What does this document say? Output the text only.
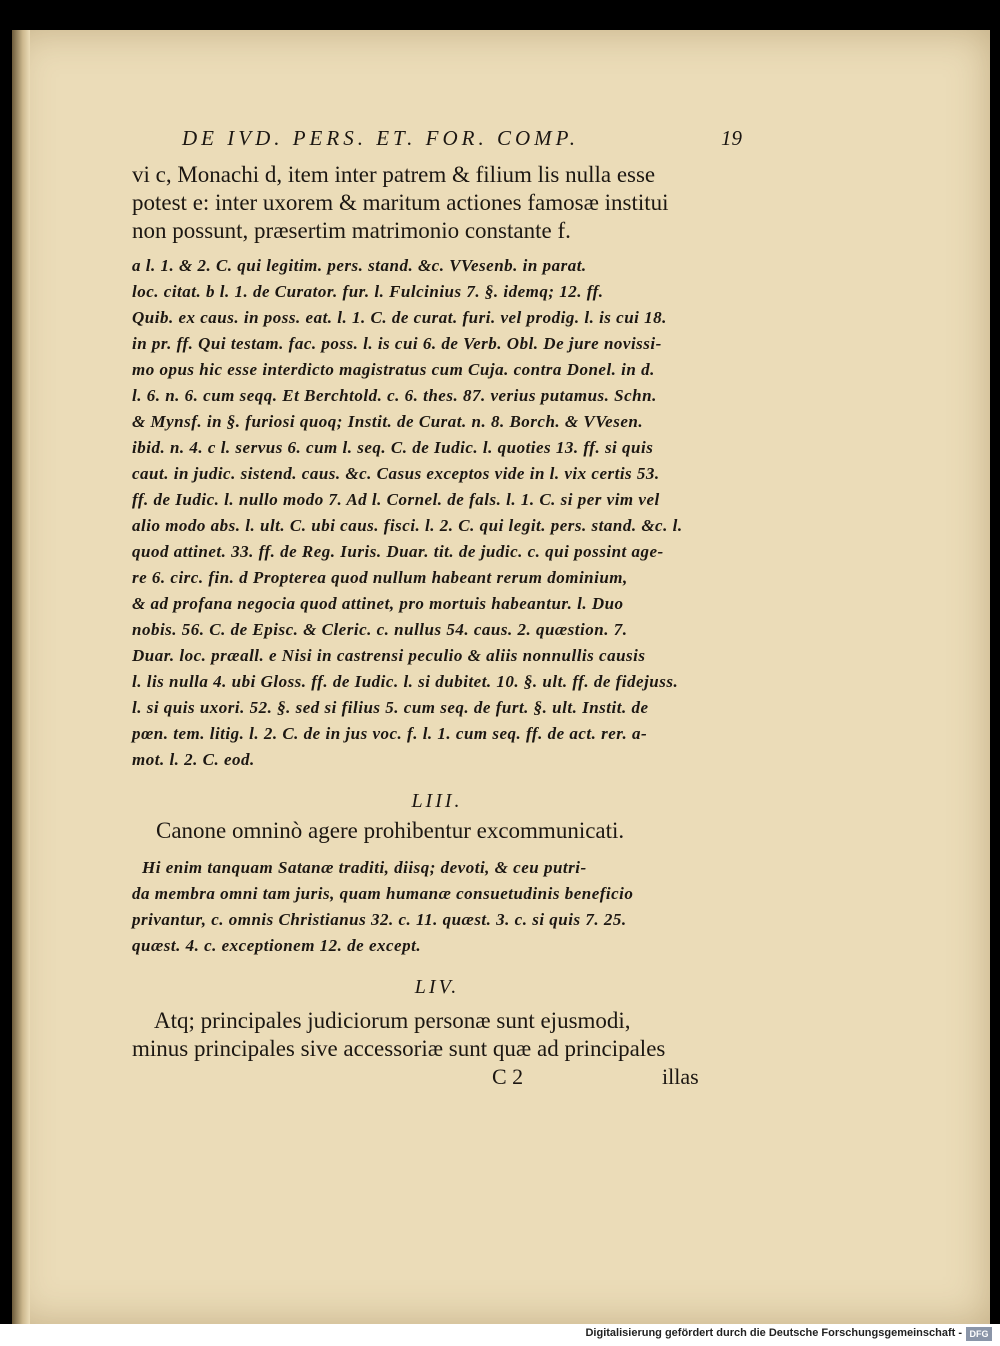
DE IVD. PERS. ET. FOR. COMP.	19
vi c, Monachi d, item inter patrem & filium lis nulla esse
potest e: inter uxorem & maritum actiones famosæ institui
non possunt, præsertim matrimonio constante f.
a l. 1. & 2. C. qui legitim. pers. stand. &c. VVesenb. in parat.
loc. citat. b l. 1. de Curator. fur. l. Fulcinius 7. §. idemq; 12. ff.
Quib. ex caus. in poss. eat. l. 1. C. de curat. furi. vel prodig. l. is cui 18.
in pr. ff. Qui testam. fac. poss. l. is cui 6. de Verb. Obl. De jure novissi-
mo opus hic esse interdicto magistratus cum Cuja. contra Donel. in d.
l. 6. n. 6. cum seqq. Et Berchtold. c. 6. thes. 87. verius putamus. Schn.
& Mynsf. in §. furiosi quoq; Instit. de Curat. n. 8. Borch. & VVesen.
ibid. n. 4. c l. servus 6. cum l. seq. C. de Iudic. l. quoties 13. ff. si quis
caut. in judic. sistend. caus. &c. Casus exceptos vide in l. vix certis 53.
ff. de Iudic. l. nullo modo 7. Ad l. Cornel. de fals. l. 1. C. si per vim vel
alio modo abs. l. ult. C. ubi caus. fisci. l. 2. C. qui legit. pers. stand. &c. l.
quod attinet. 33. ff. de Reg. Iuris. Duar. tit. de judic. c. qui possint age-
re 6. circ. fin. d Propterea quod nullum habeant rerum dominium,
& ad profana negocia quod attinet, pro mortuis habeantur. l. Duo
nobis. 56. C. de Episc. & Cleric. c. nullus 54. caus. 2. quæstion. 7.
Duar. loc. præall. e Nisi in castrensi peculio & aliis nonnullis causis
l. lis nulla 4. ubi Gloss. ff. de Iudic. l. si dubitet. 10. §. ult. ff. de fidejuss.
l. si quis uxori. 52. §. sed si filius 5. cum seq. de furt. §. ult. Instit. de
pœn. tem. litig. l. 2. C. de in jus voc. f. l. 1. cum seq. ff. de act. rer. a-
mot. l. 2. C. eod.
LIII.
Canone omninò agere prohibentur excommunicati.
Hi enim tanquam Satanæ traditi, diisq; devoti, & ceu putri-
da membra omni tam juris, quam humanæ consuetudinis beneficio
privantur, c. omnis Christianus 32. c. 11. quæst. 3. c. si quis 7. 25.
quæst. 4. c. exceptionem 12. de except.
LIV.
Atq; principales judiciorum personæ sunt ejusmodi,
minus principales sive accessoriæ sunt quæ ad principales
C 2	illas
Digitalisierung gefördert durch die Deutsche Forschungsgemeinschaft - DFG
